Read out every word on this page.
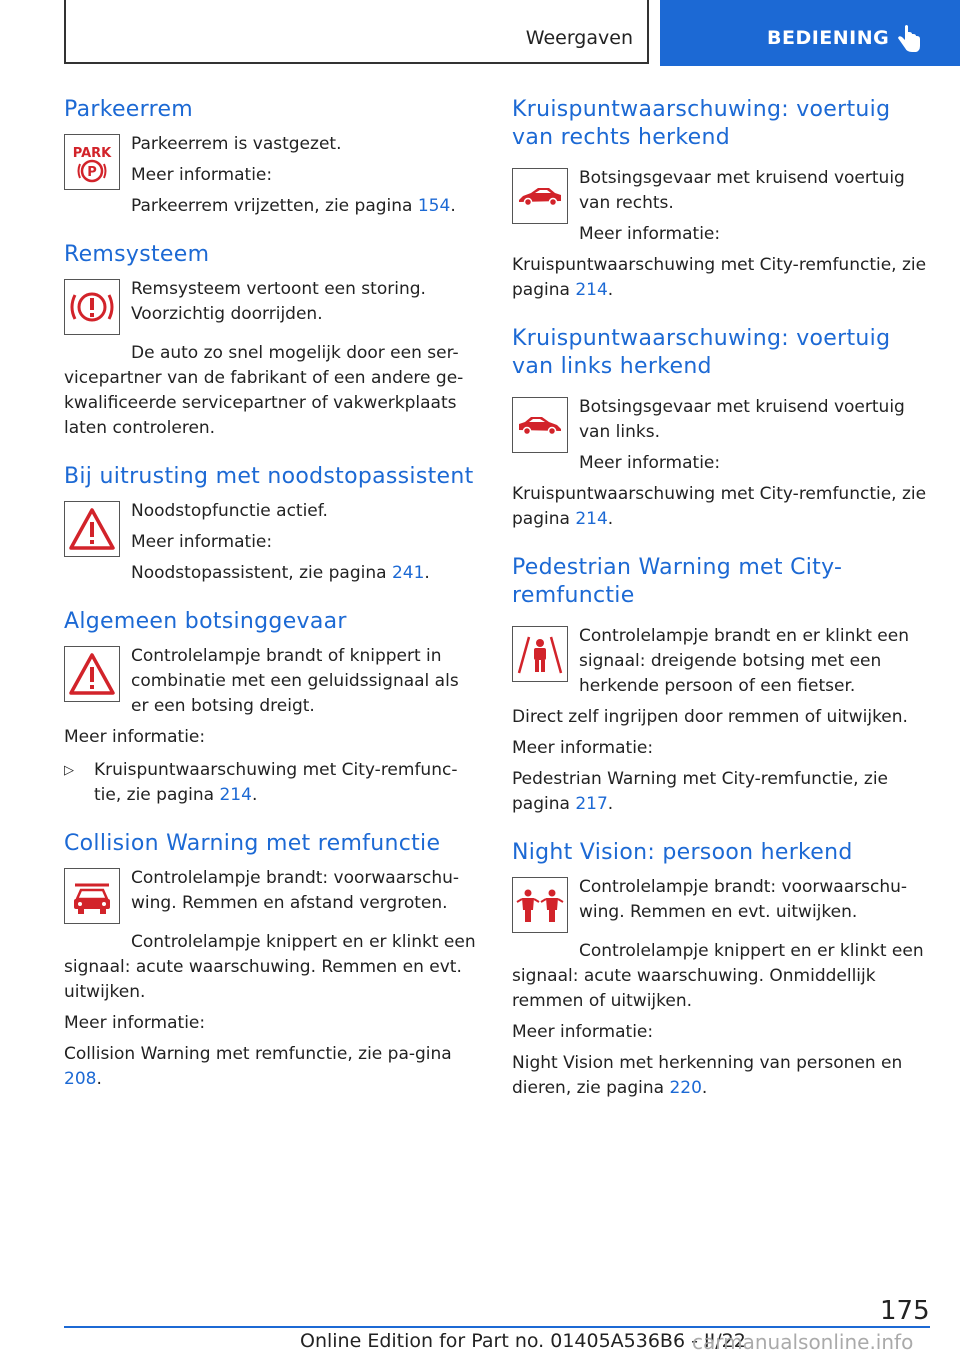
Weergaven	BEDIENING
Parkeerrem
PARK
P

Parkeerrem is vastgezet.

Meer informatie:

Parkeerrem vrijzetten, zie pagina 154.

Remsysteem

Remsysteem vertoont een storing. Voorzichtig doorrijden.

De auto zo snel mogelijk door een ser-vicepartner van de fabrikant of een andere ge-kwalificeerde servicepartner of vakwerkplaats laten controleren.

Bij uitrusting met noodstopassistent

Noodstopfunctie actief.

Meer informatie:

Noodstopassistent, zie pagina 241.

Algemeen botsinggevaar

Controlelampje brandt of knippert in combinatie met een geluidssignaal als er een botsing dreigt.

Meer informatie:

▷	Kruispuntwaarschuwing met City-remfunc-tie, zie pagina 214.

Collision Warning met remfunctie

Controlelampje brandt: voorwaarschu-wing. Remmen en afstand vergroten.

Controlelampje knippert en er klinkt een signaal: acute waarschuwing. Remmen en evt. uitwijken.

Meer informatie:

Collision Warning met remfunctie, zie pa-gina 208.

Kruispuntwaarschuwing: voertuig van rechts herkend

Botsingsgevaar met kruisend voertuig van rechts.

Meer informatie:

Kruispuntwaarschuwing met City-remfunctie, zie pagina 214.

Kruispuntwaarschuwing: voertuig van links herkend

Botsingsgevaar met kruisend voertuig van links.

Meer informatie:

Kruispuntwaarschuwing met City-remfunctie, zie pagina 214.

Pedestrian Warning met City-remfunctie

Controlelampje brandt en er klinkt een signaal: dreigende botsing met een herkende persoon of een fietser.

Direct zelf ingrijpen door remmen of uitwijken.

Meer informatie:

Pedestrian Warning met City-remfunctie, zie pagina 217.

Night Vision: persoon herkend

Controlelampje brandt: voorwaarschu-wing. Remmen en evt. uitwijken.

Controlelampje knippert en er klinkt een signaal: acute waarschuwing. Onmiddellijk remmen of uitwijken.

Meer informatie:

Night Vision met herkenning van personen en dieren, zie pagina 220.

175
Online Edition for Part no. 01405A536B6 - II/22
carmanualsonline.info
